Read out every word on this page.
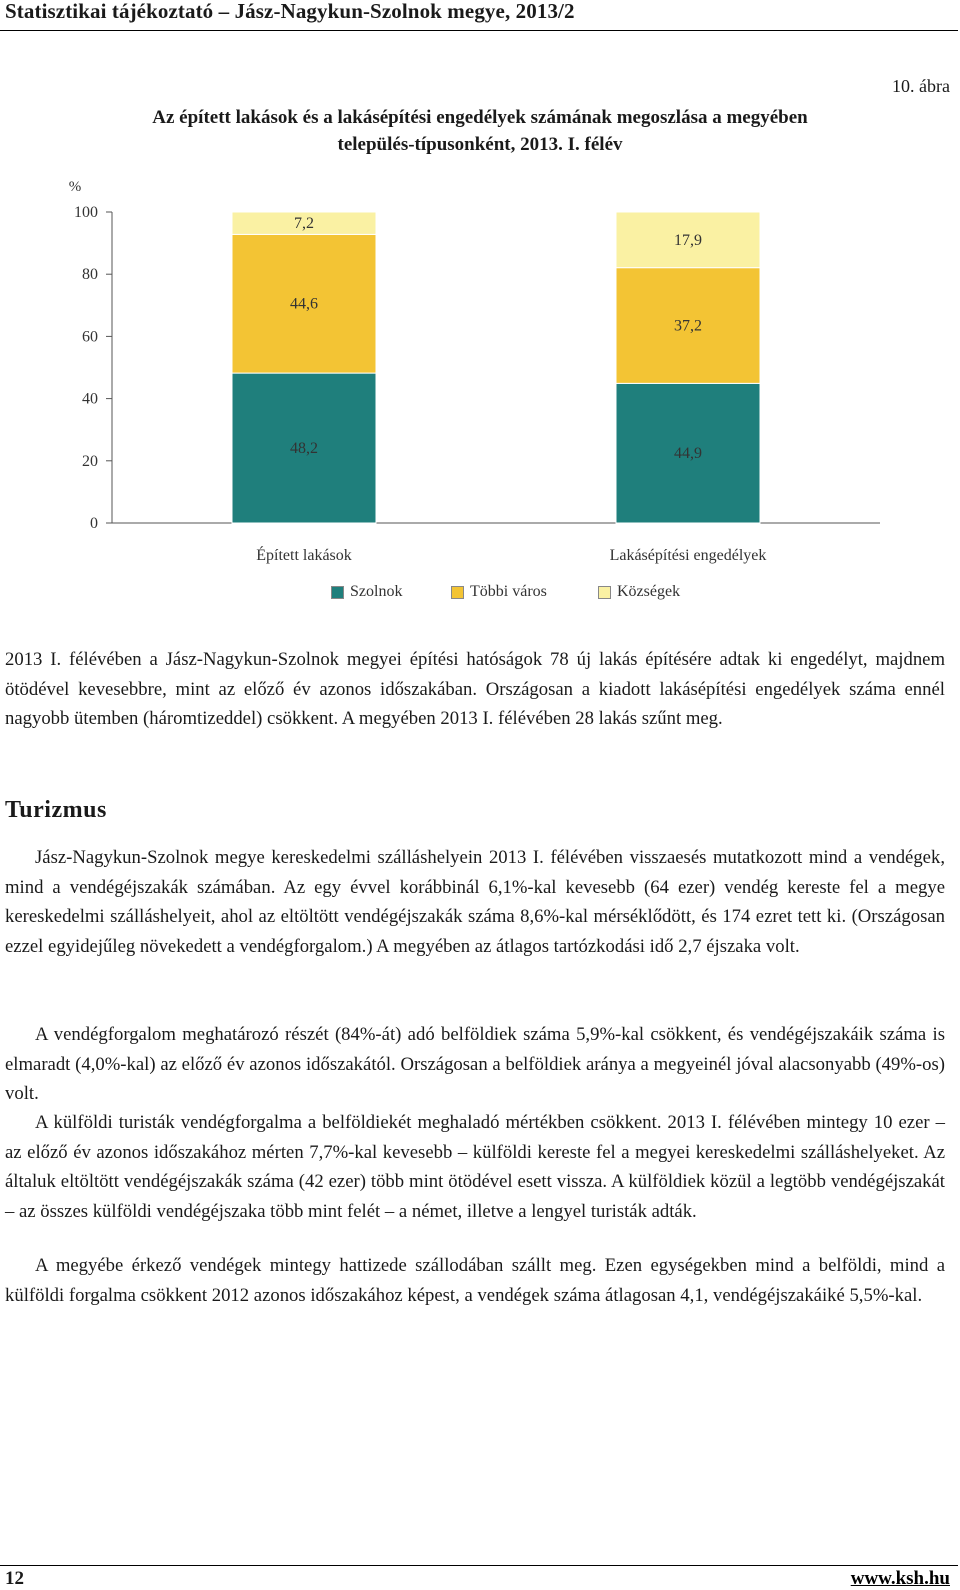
Statisztikai tájékoztató – Jász-Nagykun-Szolnok megye, 2013/2
10. ábra
Az épített lakások és a lakásépítési engedélyek számának megoszlása a megyében
település-típusonként, 2013. I. félév
%
0
20
40
60
80
100
48,2
44,6
7,2
Épített lakások
44,9
37,2
17,9
Lakásépítési engedélyek
Szolnok	Többi város	Községek

2013 I. félévében a Jász-Nagykun-Szolnok megyei építési hatóságok 78 új lakás építésére adtak ki engedélyt, majdnem ötödével kevesebbre, mint az előző év azonos időszakában. Országosan a kiadott lakásépítési engedélyek száma ennél nagyobb ütemben (háromtizeddel) csökkent. A megyében 2013 I. félévében 28 lakás szűnt meg.

Turizmus

Jász-Nagykun-Szolnok megye kereskedelmi szálláshelyein 2013 I. félévében visszaesés mutatkozott mind a vendégek, mind a vendégéjszakák számában. Az egy évvel korábbinál 6,1%-kal kevesebb (64 ezer) vendég kereste fel a megye kereskedelmi szálláshelyeit, ahol az eltöltött vendégéjszakák száma 8,6%-kal mérséklődött, és 174 ezret tett ki. (Országosan ezzel egyidejűleg növekedett a vendégforgalom.) A megyében az átlagos tartózkodási idő 2,7 éjszaka volt.

A vendégforgalom meghatározó részét (84%-át) adó belföldiek száma 5,9%-kal csökkent, és vendégéjszakáik száma is elmaradt (4,0%-kal) az előző év azonos időszakától. Országosan a belföldiek aránya a megyeinél jóval alacsonyabb (49%-os) volt.

A külföldi turisták vendégforgalma a belföldiekét meghaladó mértékben csökkent. 2013 I. félévében mintegy 10 ezer – az előző év azonos időszakához mérten 7,7%-kal kevesebb – külföldi kereste fel a megyei kereskedelmi szálláshelyeket. Az általuk eltöltött vendégéjszakák száma (42 ezer) több mint ötödével esett vissza. A külföldiek közül a legtöbb vendégéjszakát – az összes külföldi vendégéjszaka több mint felét – a német, illetve a lengyel turisták adták.

A megyébe érkező vendégek mintegy hattizede szállodában szállt meg. Ezen egységekben mind a belföldi, mind a külföldi forgalma csökkent 2012 azonos időszakához képest, a vendégek száma átlagosan 4,1, vendégéjszakáiké 5,5%-kal.

12	www.ksh.hu
